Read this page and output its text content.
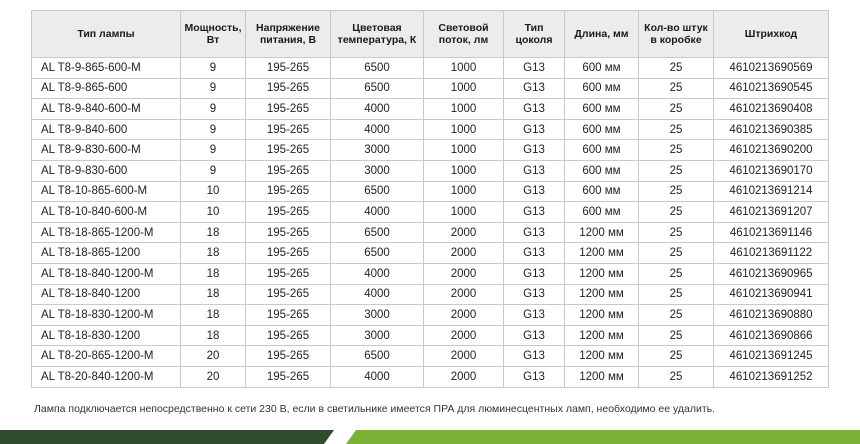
Тип лампы	Мощность, Вт	Напряжение питания, В	Цветовая температура, К	Световой поток, лм	Тип цоколя	Длина, мм	Кол-во штук в коробке	Штрихкод
AL T8-9-865-600-M	9	195-265	6500	1000	G13	600 мм	25	4610213690569
AL T8-9-865-600	9	195-265	6500	1000	G13	600 мм	25	4610213690545
AL T8-9-840-600-M	9	195-265	4000	1000	G13	600 мм	25	4610213690408
AL T8-9-840-600	9	195-265	4000	1000	G13	600 мм	25	4610213690385
AL T8-9-830-600-M	9	195-265	3000	1000	G13	600 мм	25	4610213690200
AL T8-9-830-600	9	195-265	3000	1000	G13	600 мм	25	4610213690170
AL T8-10-865-600-M	10	195-265	6500	1000	G13	600 мм	25	4610213691214
AL T8-10-840-600-M	10	195-265	4000	1000	G13	600 мм	25	4610213691207
AL T8-18-865-1200-M	18	195-265	6500	2000	G13	1200 мм	25	4610213691146
AL T8-18-865-1200	18	195-265	6500	2000	G13	1200 мм	25	4610213691122
AL T8-18-840-1200-M	18	195-265	4000	2000	G13	1200 мм	25	4610213690965
AL T8-18-840-1200	18	195-265	4000	2000	G13	1200 мм	25	4610213690941
AL T8-18-830-1200-M	18	195-265	3000	2000	G13	1200 мм	25	4610213690880
AL T8-18-830-1200	18	195-265	3000	2000	G13	1200 мм	25	4610213690866
AL T8-20-865-1200-M	20	195-265	6500	2000	G13	1200 мм	25	4610213691245
AL T8-20-840-1200-M	20	195-265	4000	2000	G13	1200 мм	25	4610213691252
Лампа подключается непосредственно к сети 230 В, если в светильнике имеется ПРА для люминесцентных ламп, необходимо ее удалить.
